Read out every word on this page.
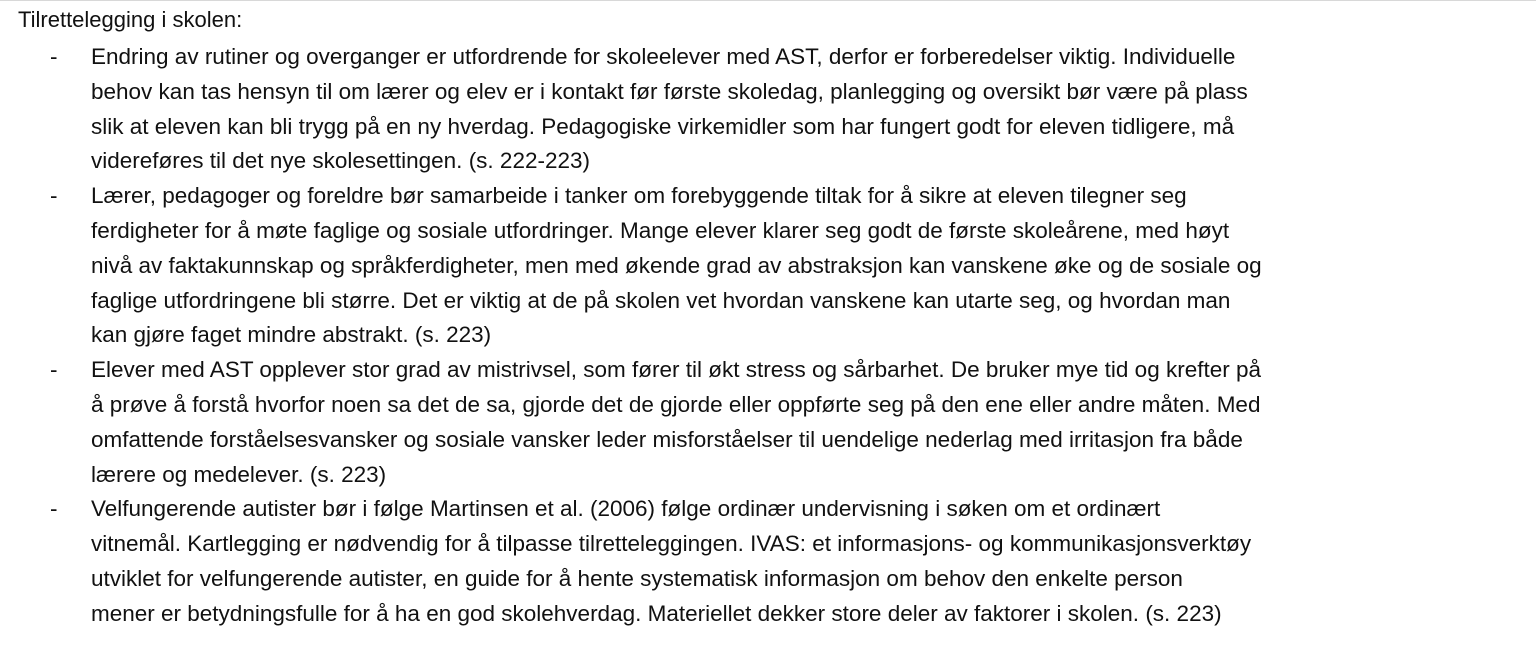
Tilrettelegging i skolen:
- Endring av rutiner og overganger er utfordrende for skoleelever med AST, derfor er forberedelser viktig. Individuelle
behov kan tas hensyn til om lærer og elev er i kontakt før første skoledag, planlegging og oversikt bør være på plass
slik at eleven kan bli trygg på en ny hverdag. Pedagogiske virkemidler som har fungert godt for eleven tidligere, må
videreføres til det nye skolesettingen. (s. 222-223)
- Lærer, pedagoger og foreldre bør samarbeide i tanker om forebyggende tiltak for å sikre at eleven tilegner seg
ferdigheter for å møte faglige og sosiale utfordringer. Mange elever klarer seg godt de første skoleårene, med høyt
nivå av faktakunnskap og språkferdigheter, men med økende grad av abstraksjon kan vanskene øke og de sosiale og
faglige utfordringene bli større. Det er viktig at de på skolen vet hvordan vanskene kan utarte seg, og hvordan man
kan gjøre faget mindre abstrakt. (s. 223)
- Elever med AST opplever stor grad av mistrivsel, som fører til økt stress og sårbarhet. De bruker mye tid og krefter på
å prøve å forstå hvorfor noen sa det de sa, gjorde det de gjorde eller oppførte seg på den ene eller andre måten. Med
omfattende forståelsesvansker og sosiale vansker leder misforståelser til uendelige nederlag med irritasjon fra både
lærere og medelever. (s. 223)
- Velfungerende autister bør i følge Martinsen et al. (2006) følge ordinær undervisning i søken om et ordinært
vitnemål. Kartlegging er nødvendig for å tilpasse tilretteleggingen. IVAS: et informasjons- og kommunikasjonsverktøy
utviklet for velfungerende autister, en guide for å hente systematisk informasjon om behov den enkelte person
mener er betydningsfulle for å ha en god skolehverdag. Materiellet dekker store deler av faktorer i skolen. (s. 223)
